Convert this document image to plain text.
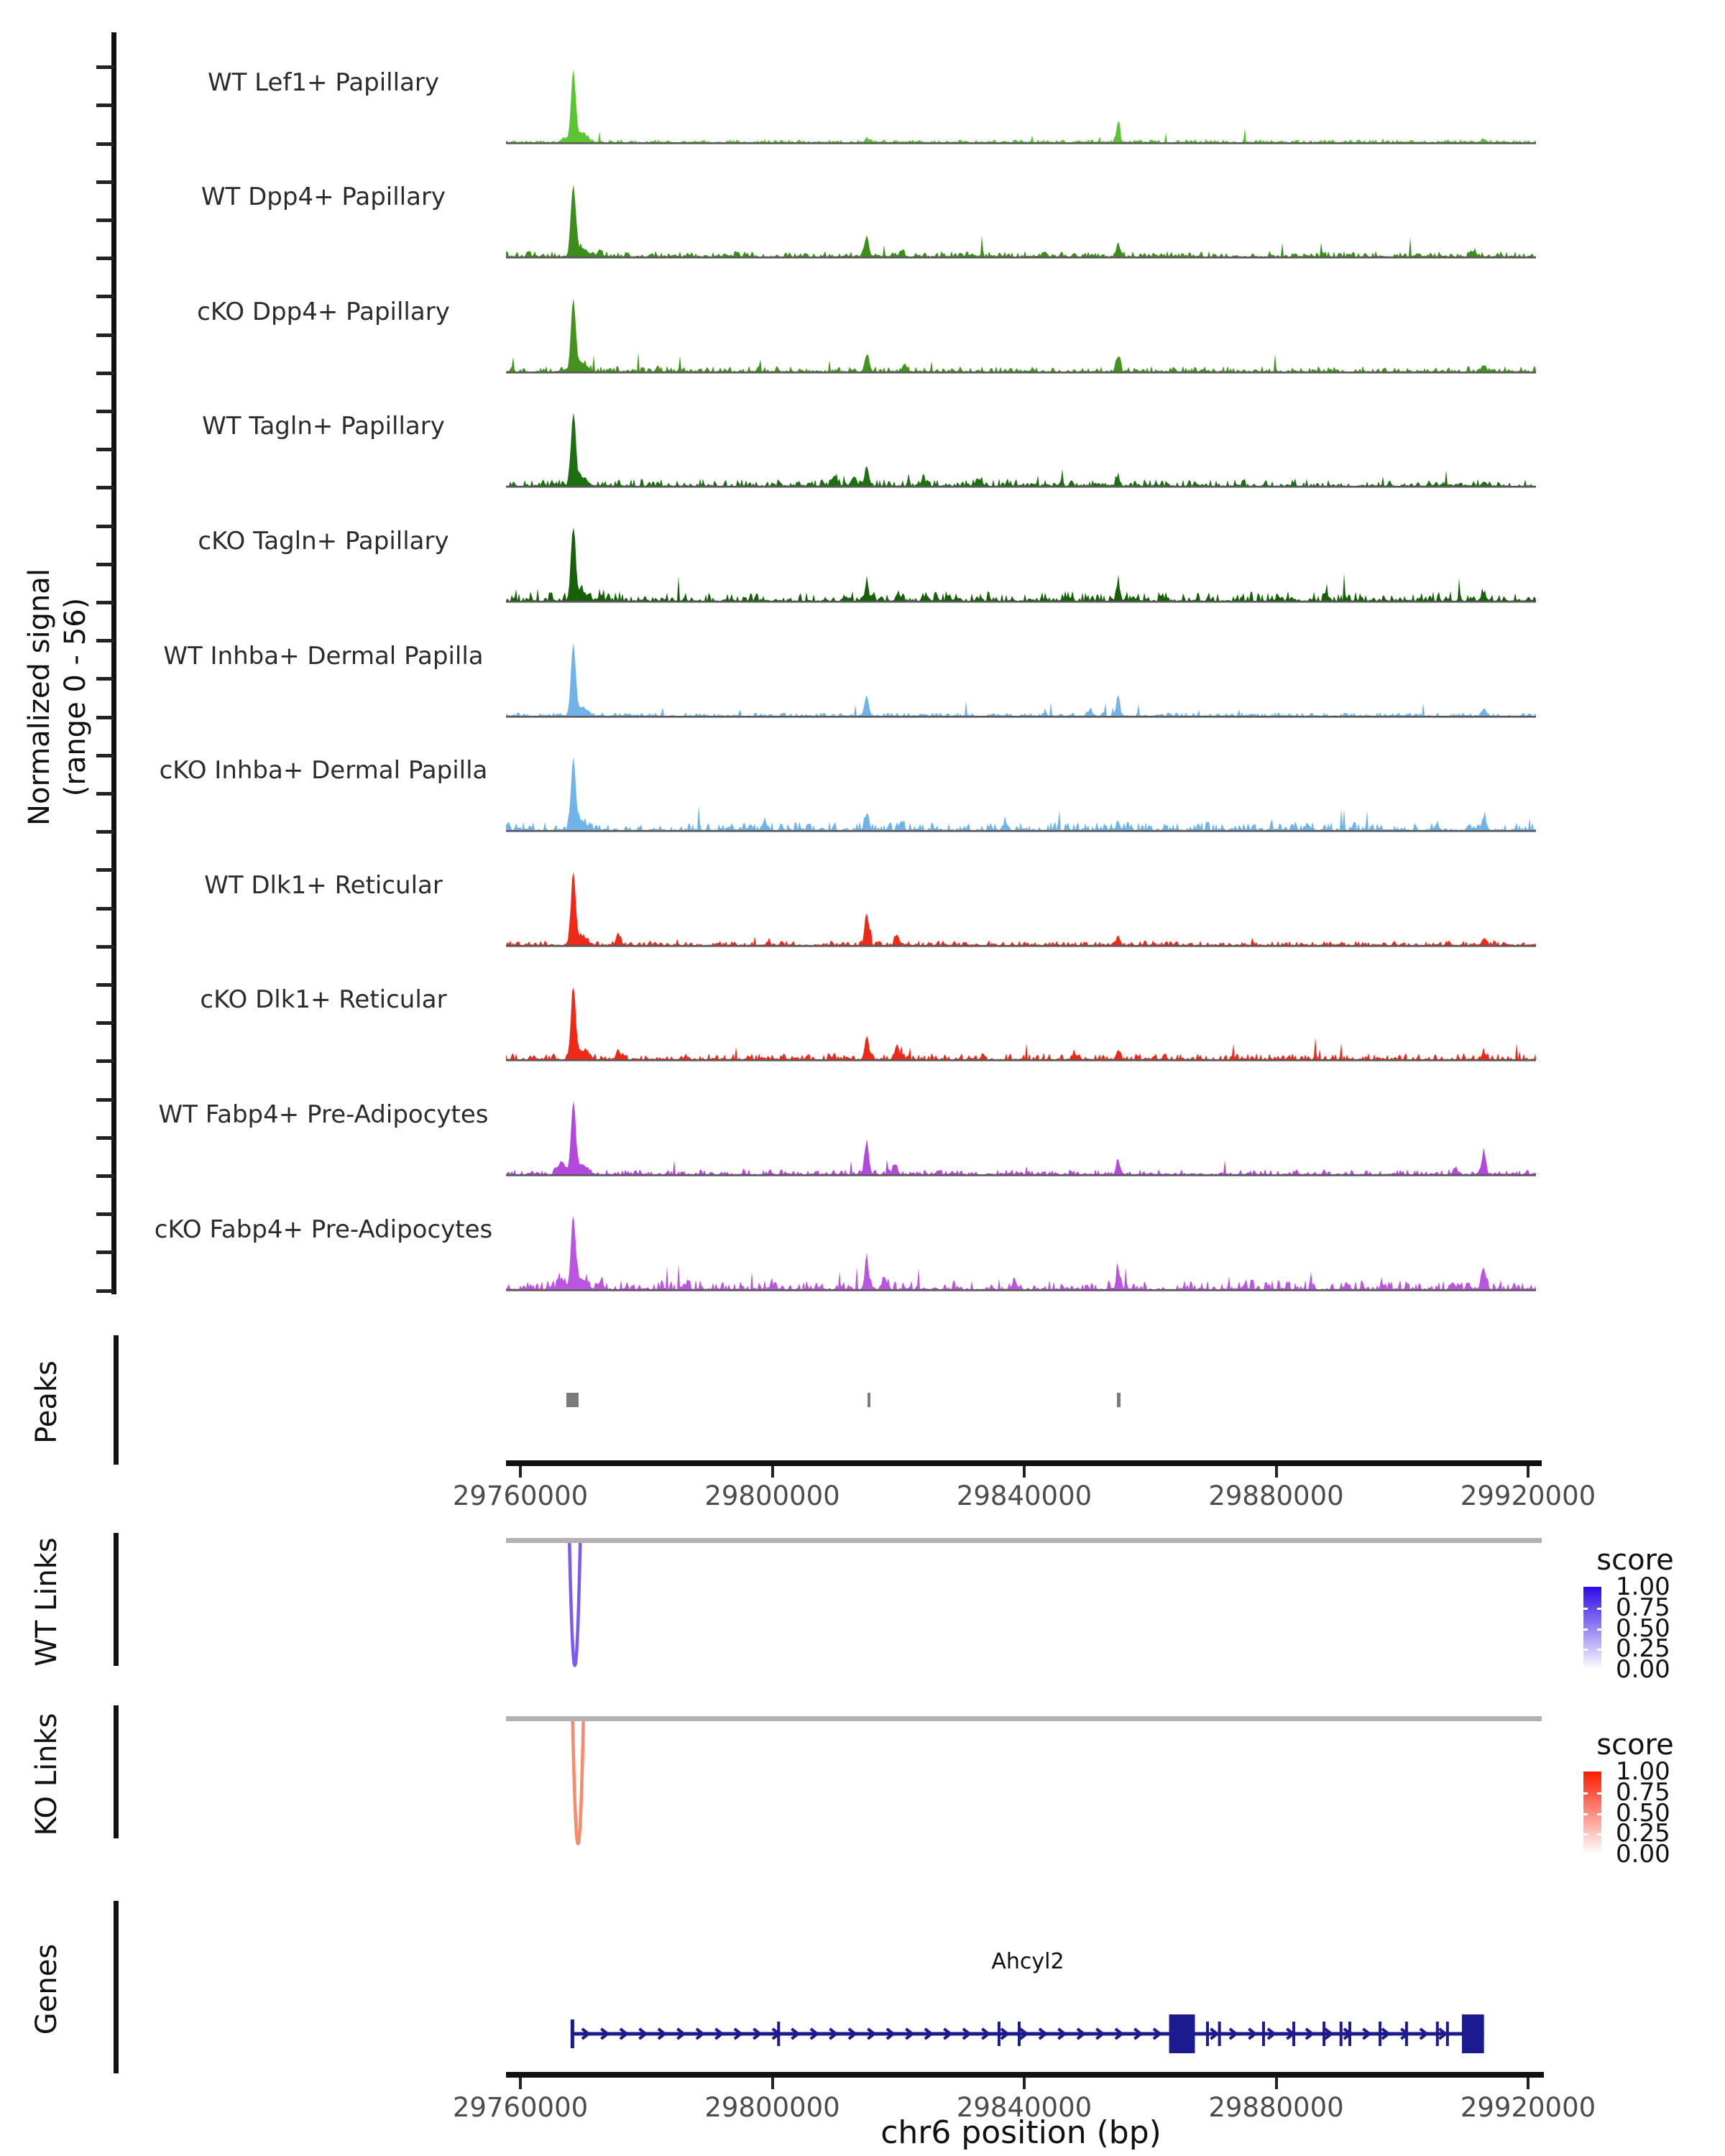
Normalized signal (range 0 - 56)
WT Lef1+ Papillary
WT Dpp4+ Papillary
cKO Dpp4+ Papillary
WT Tagln+ Papillary
cKO Tagln+ Papillary
WT Inhba+ Dermal Papilla
cKO Inhba+ Dermal Papilla
WT Dlk1+ Reticular
cKO Dlk1+ Reticular
WT Fabp4+ Pre-Adipocytes
cKO Fabp4+ Pre-Adipocytes
Peaks
29760000	29800000	29840000	29880000	29920000
WT Links	score
1.00
0.75
0.50
0.25
0.00
KO Links	score
1.00
0.75
0.50
0.25
0.00
Genes	Ahcyl2
29760000	29800000	29840000	29880000	29920000
chr6 position (bp)
